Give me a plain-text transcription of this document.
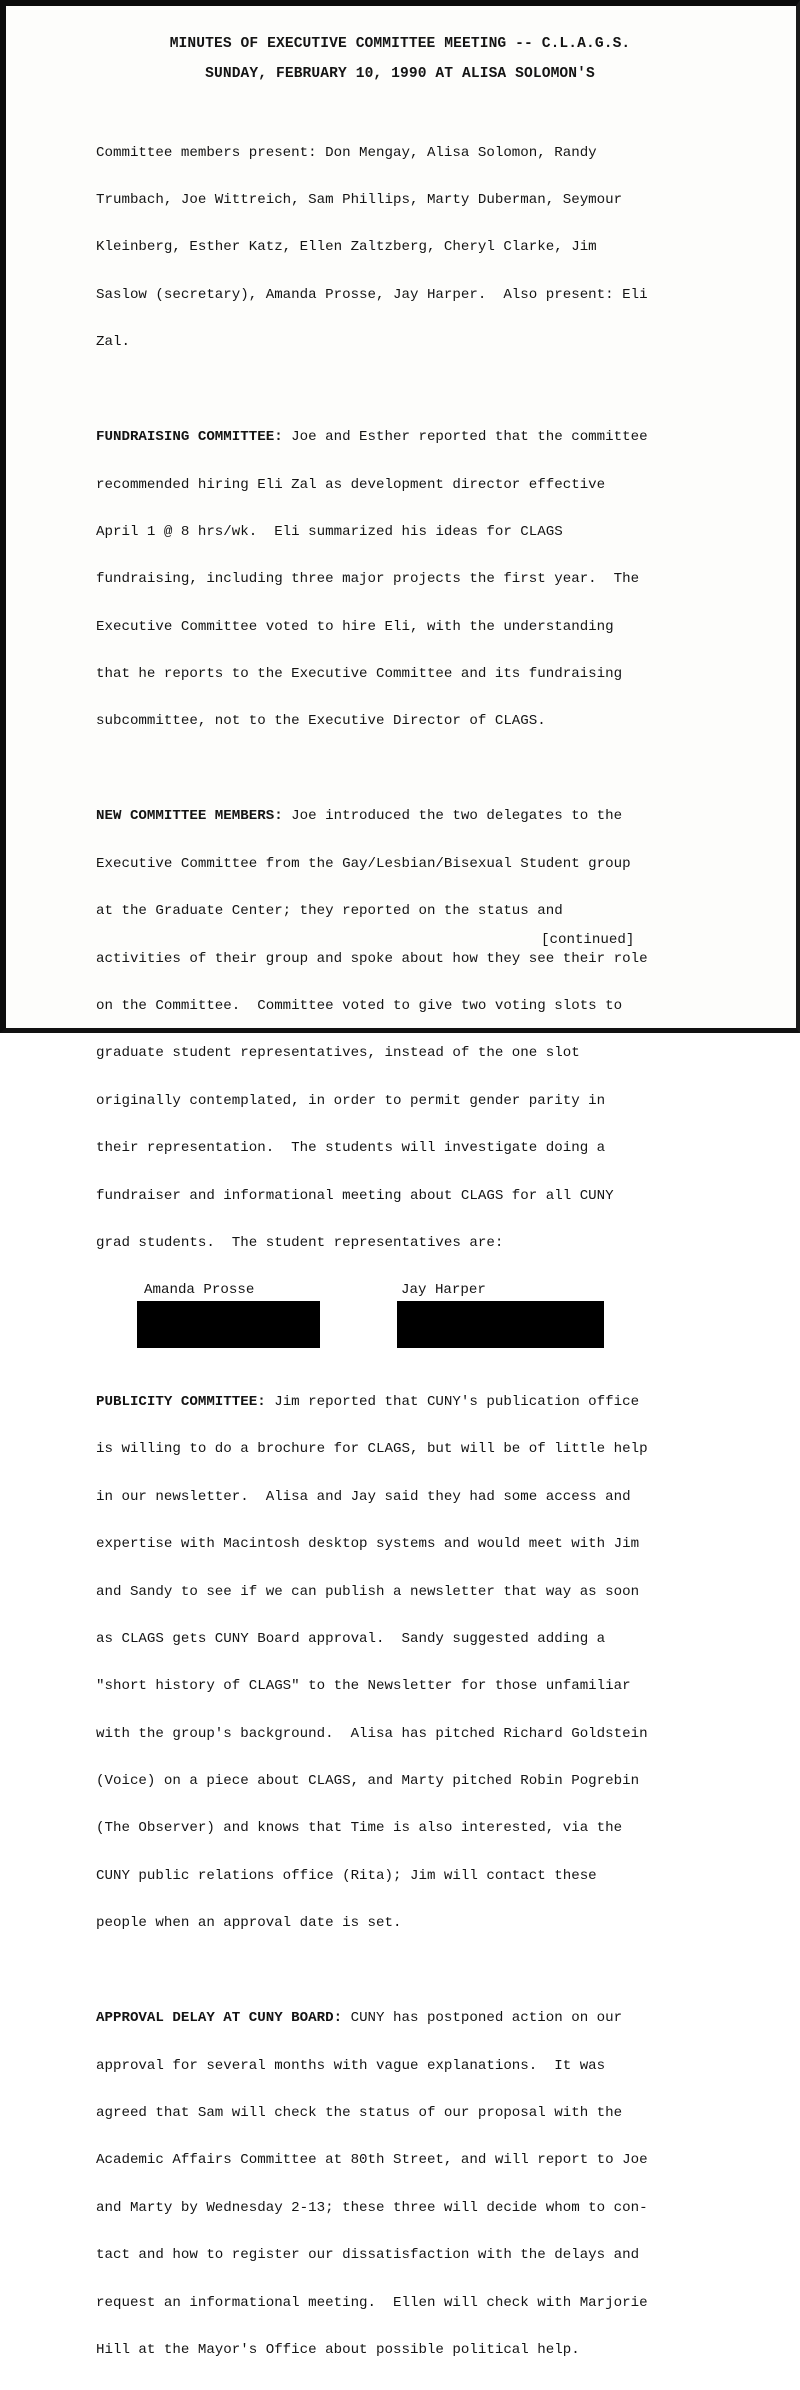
MINUTES OF EXECUTIVE COMMITTEE MEETING -- C.L.A.G.S.

SUNDAY, FEBRUARY 10, 1990 AT ALISA SOLOMON'S

Committee members present: Don Mengay, Alisa Solomon, Randy

Trumbach, Joe Wittreich, Sam Phillips, Marty Duberman, Seymour

Kleinberg, Esther Katz, Ellen Zaltzberg, Cheryl Clarke, Jim

Saslow (secretary), Amanda Prosse, Jay Harper.  Also present: Eli

Zal.

FUNDRAISING COMMITTEE: Joe and Esther reported that the committee

recommended hiring Eli Zal as development director effective

April 1 @ 8 hrs/wk.  Eli summarized his ideas for CLAGS

fundraising, including three major projects the first year.  The

Executive Committee voted to hire Eli, with the understanding

that he reports to the Executive Committee and its fundraising

subcommittee, not to the Executive Director of CLAGS.

NEW COMMITTEE MEMBERS: Joe introduced the two delegates to the

Executive Committee from the Gay/Lesbian/Bisexual Student group

at the Graduate Center; they reported on the status and

activities of their group and spoke about how they see their role

on the Committee.  Committee voted to give two voting slots to

graduate student representatives, instead of the one slot

originally contemplated, in order to permit gender parity in

their representation.  The students will investigate doing a

fundraiser and informational meeting about CLAGS for all CUNY

grad students.  The student representatives are:

Amanda Prosse	Jay Harper

PUBLICITY COMMITTEE: Jim reported that CUNY's publication office

is willing to do a brochure for CLAGS, but will be of little help

in our newsletter.  Alisa and Jay said they had some access and

expertise with Macintosh desktop systems and would meet with Jim

and Sandy to see if we can publish a newsletter that way as soon

as CLAGS gets CUNY Board approval.  Sandy suggested adding a

"short history of CLAGS" to the Newsletter for those unfamiliar

with the group's background.  Alisa has pitched Richard Goldstein

(Voice) on a piece about CLAGS, and Marty pitched Robin Pogrebin

(The Observer) and knows that Time is also interested, via the

CUNY public relations office (Rita); Jim will contact these

people when an approval date is set.

APPROVAL DELAY AT CUNY BOARD: CUNY has postponed action on our

approval for several months with vague explanations.  It was

agreed that Sam will check the status of our proposal with the

Academic Affairs Committee at 80th Street, and will report to Joe

and Marty by Wednesday 2-13; these three will decide whom to con-

tact and how to register our dissatisfaction with the delays and

request an informational meeting.  Ellen will check with Marjorie

Hill at the Mayor's Office about possible political help.

[continued]
